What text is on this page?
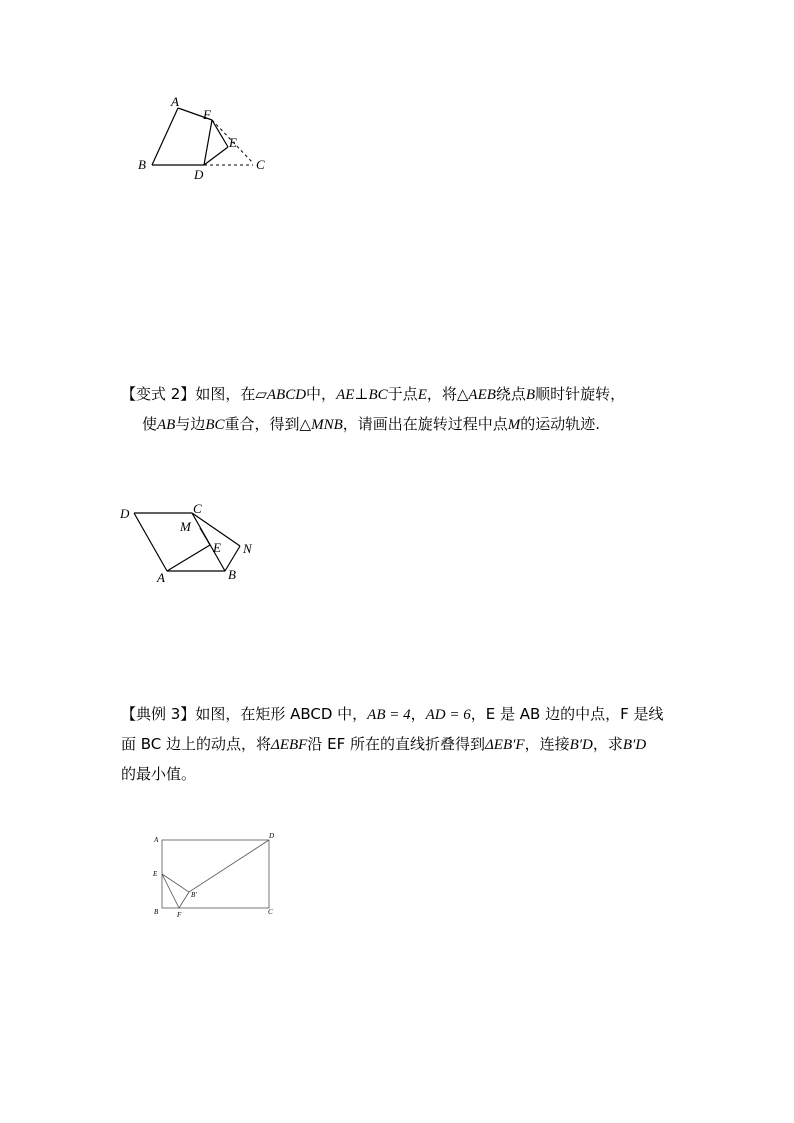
A
F
E
B
D
C
【变式 2】如图，在▱ABCD中，AE⊥BC于点E，将△AEB绕点B顺时针旋转，
使AB与边BC重合，得到△MNB，请画出在旋转过程中点M的运动轨迹.
D	C
M
E N
A	B
【典例 3】如图，在矩形 ABCD 中，AB = 4，AD = 6，E 是 AB 边的中点，F 是线
面 BC 边上的动点，将ΔEBF沿 EF 所在的直线折叠得到ΔEB′F，连接B′D，求B′D
的最小值。
A	D
E
B′
B	F	C
